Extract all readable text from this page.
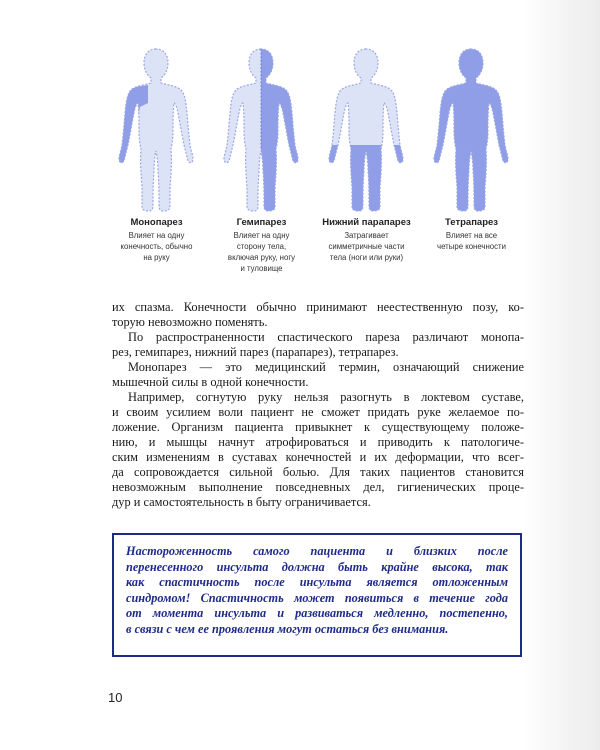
Монопарез
Влияет на одну
конечность, обычно
на руку
Гемипарез
Влияет на одну
сторону тела,
включая руку, ногу
и туловище
Нижний парапарез
Затрагивает
симметричные части
тела (ноги или руки)
Тетрапарез
Влияет на все
четыре конечности
их спазма. Конечности обычно принимают неестественную позу, ко-
торую невозможно поменять.
По распространенности спастического пареза различают монопа-
рез, гемипарез, нижний парез (парапарез), тетрапарез.
Монопарез — это медицинский термин, означающий снижение
мышечной силы в одной конечности.
Например, согнутую руку нельзя разогнуть в локтевом суставе,
и своим усилием воли пациент не сможет придать руке желаемое по-
ложение. Организм пациента привыкнет к существующему положе-
нию, и мышцы начнут атрофироваться и приводить к патологиче-
ским изменениям в суставах конечностей и их деформации, что всег-
да сопровождается сильной болью. Для таких пациентов становится
невозможным выполнение повседневных дел, гигиенических проце-
дур и самостоятельность в быту ограничивается.
Настороженность самого пациента и близких после
перенесенного инсульта должна быть крайне высока, так
как спастичность после инсульта является отложенным
синдромом! Спастичность может появиться в течение года
от момента инсульта и развиваться медленно, постепенно,
в связи с чем ее проявления могут остаться без внимания.
10
